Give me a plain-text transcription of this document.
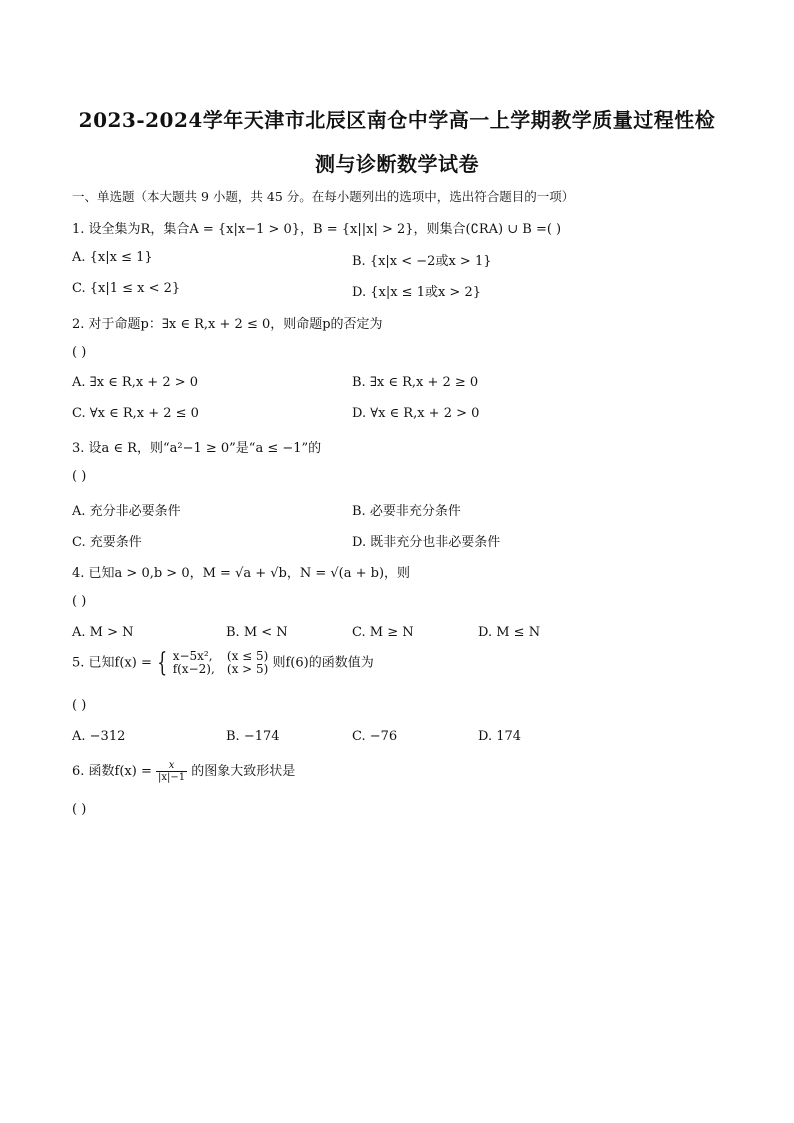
2023-2024学年天津市北辰区南仓中学高一上学期教学质量过程性检
测与诊断数学试卷
一、单选题（本大题共 9 小题，共 45 分。在每小题列出的选项中，选出符合题目的一项）
1. 设全集为R，集合A = {x|x−1 > 0}，B = {x||x| > 2}，则集合(∁RA) ∪ B =( )
A. {x|x ≤ 1}	B. {x|x < −2或x > 1}
C. {x|1 ≤ x < 2}	D. {x|x ≤ 1或x > 2}
2. 对于命题p：∃x ∈ R,x + 2 ≤ 0，则命题p的否定为
( )
A. ∃x ∈ R,x + 2 > 0	B. ∃x ∈ R,x + 2 ≥ 0
C. ∀x ∈ R,x + 2 ≤ 0	D. ∀x ∈ R,x + 2 > 0
3. 设a ∈ R，则“a²−1 ≥ 0”是“a ≤ −1”的
( )
A. 充分非必要条件	B. 必要非充分条件
C. 充要条件	D. 既非充分也非必要条件
4. 已知a > 0,b > 0，M = √a + √b，N = √(a + b)，则
( )
A. M > N	B. M < N	C. M ≥ N	D. M ≤ N
5. 已知f(x) = { x−5x²,
f(x−2),

(x ≤ 5)
(x > 5) 则f(6)的函数值为
( )
A. −312	B. −174	C. −76	D. 174
6. 函数$f(x) = \frac{x}{|x|-1}$ 的图象大致形状是
( )
